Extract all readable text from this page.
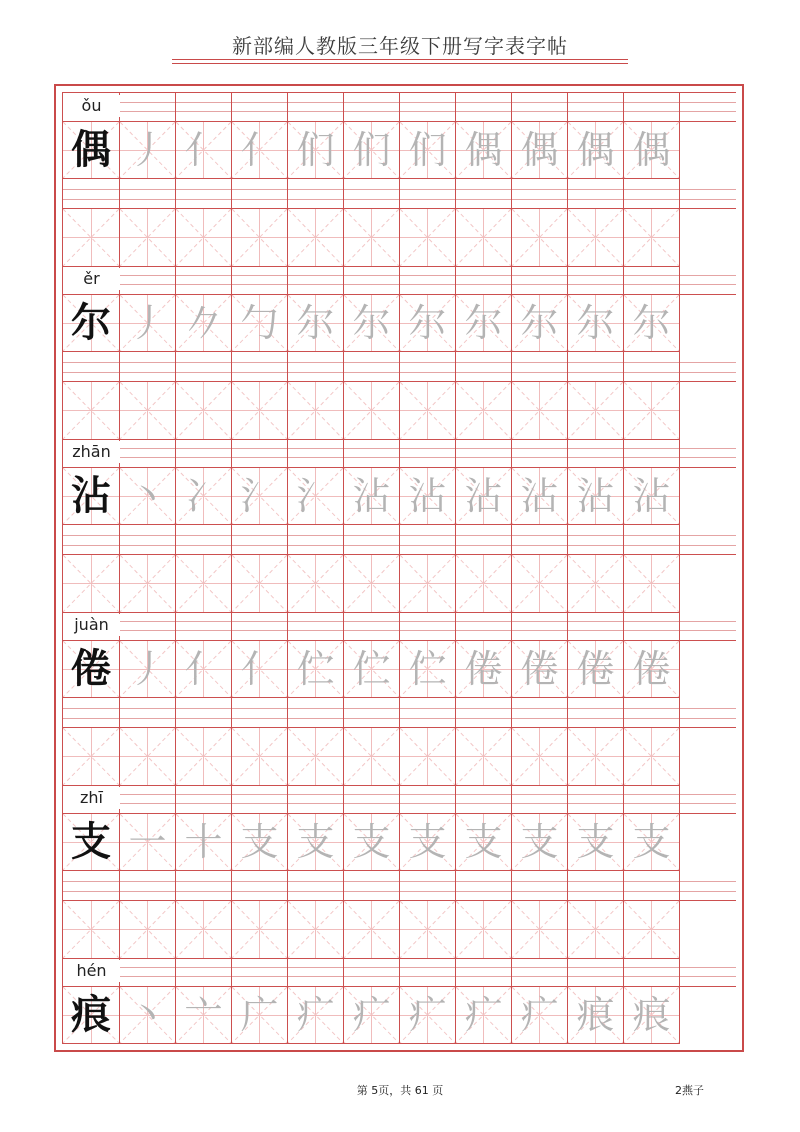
新部编人教版三年级下册写字表字帖
ǒu
偶 丿 亻 亻 们 们 们 偶 偶 偶 偶
ěr
尔 丿 𠂊 勹 尔 尔 尔 尔 尔 尔 尔
zhān
沾 丶 冫 氵 氵 沾 沾 沾 沾 沾 沾
juàn
倦 丿 亻 亻 伫 伫 伫 倦 倦 倦 倦
zhī
支 一 十 支 支 支 支 支 支 支 支
hén
痕 丶 亠 广 疒 疒 疒 疒 疒 痕 痕
第 5页，共 61 页	2燕子
